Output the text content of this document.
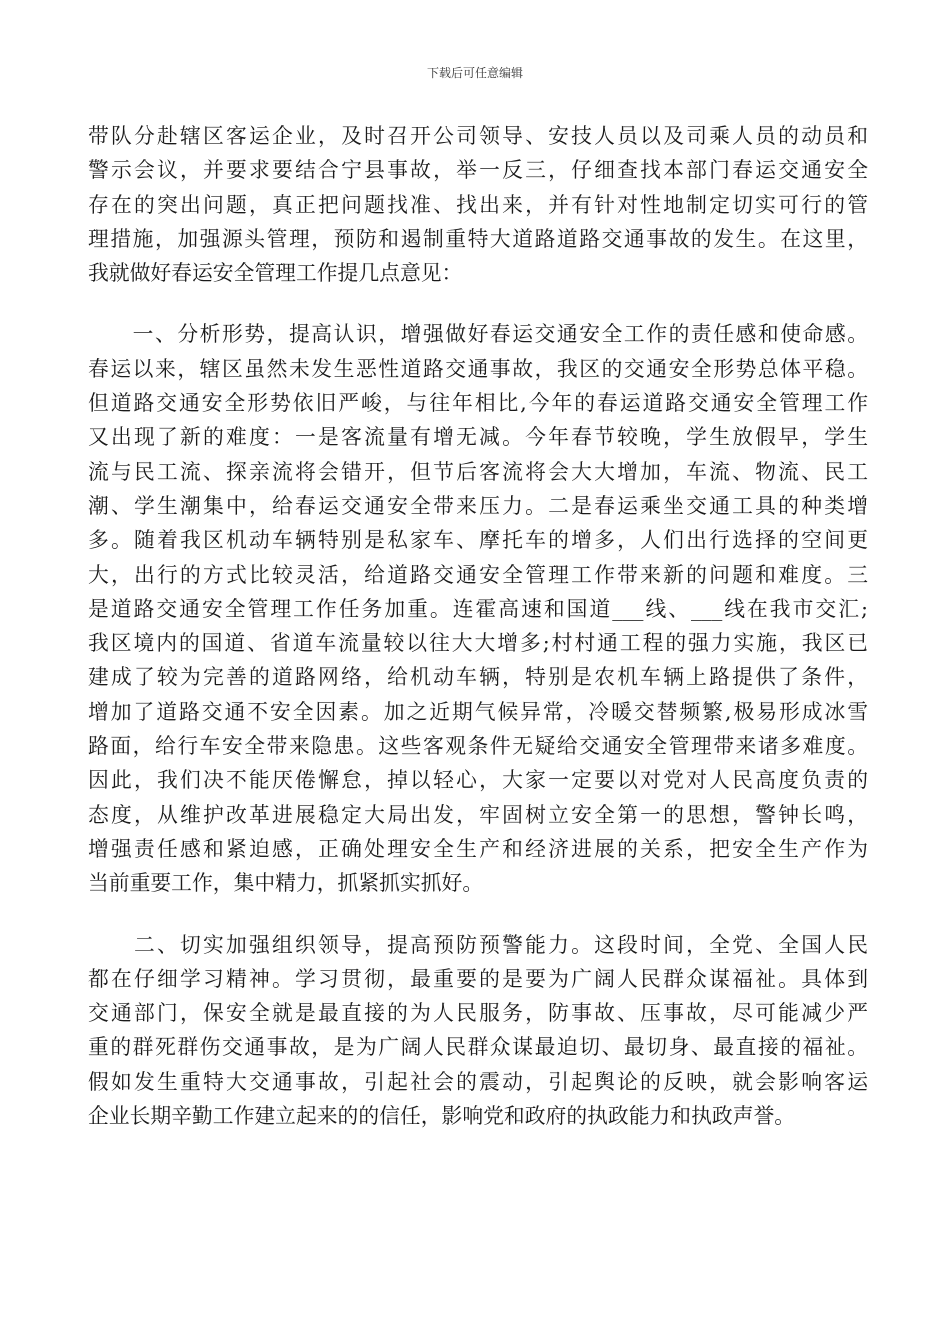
下载后可任意编辑
带队分赴辖区客运企业，及时召开公司领导、安技人员以及司乘人员的动员和
警示会议，并要求要结合宁县事故，举一反三，仔细查找本部门春运交通安全
存在的突出问题，真正把问题找准、找出来，并有针对性地制定切实可行的管
理措施，加强源头管理，预防和遏制重特大道路道路交通事故的发生。在这里，
我就做好春运安全管理工作提几点意见：
　　一、分析形势，提高认识，增强做好春运交通安全工作的责任感和使命感。
春运以来，辖区虽然未发生恶性道路交通事故，我区的交通安全形势总体平稳。
但道路交通安全形势依旧严峻，与往年相比,今年的春运道路交通安全管理工作
又出现了新的难度：一是客流量有增无减。今年春节较晚，学生放假早，学生
流与民工流、探亲流将会错开，但节后客流将会大大增加，车流、物流、民工
潮、学生潮集中，给春运交通安全带来压力。二是春运乘坐交通工具的种类增
多。随着我区机动车辆特别是私家车、摩托车的增多，人们出行选择的空间更
大，出行的方式比较灵活，给道路交通安全管理工作带来新的问题和难度。三
是道路交通安全管理工作任务加重。连霍高速和国道___线、___线在我市交汇;
我区境内的国道、省道车流量较以往大大增多;村村通工程的强力实施，我区已
建成了较为完善的道路网络，给机动车辆，特别是农机车辆上路提供了条件，
增加了道路交通不安全因素。加之近期气候异常，冷暖交替频繁,极易形成冰雪
路面，给行车安全带来隐患。这些客观条件无疑给交通安全管理带来诸多难度。
因此，我们决不能厌倦懈怠，掉以轻心，大家一定要以对党对人民高度负责的
态度，从维护改革进展稳定大局出发，牢固树立安全第一的思想，警钟长鸣，
增强责任感和紧迫感，正确处理安全生产和经济进展的关系，把安全生产作为
当前重要工作，集中精力，抓紧抓实抓好。
　　二、切实加强组织领导，提高预防预警能力。这段时间，全党、全国人民
都在仔细学习精神。学习贯彻，最重要的是要为广阔人民群众谋福祉。具体到
交通部门，保安全就是最直接的为人民服务，防事故、压事故，尽可能减少严
重的群死群伤交通事故，是为广阔人民群众谋最迫切、最切身、最直接的福祉。
假如发生重特大交通事故，引起社会的震动，引起舆论的反映，就会影响客运
企业长期辛勤工作建立起来的的信任，影响党和政府的执政能力和执政声誉。
